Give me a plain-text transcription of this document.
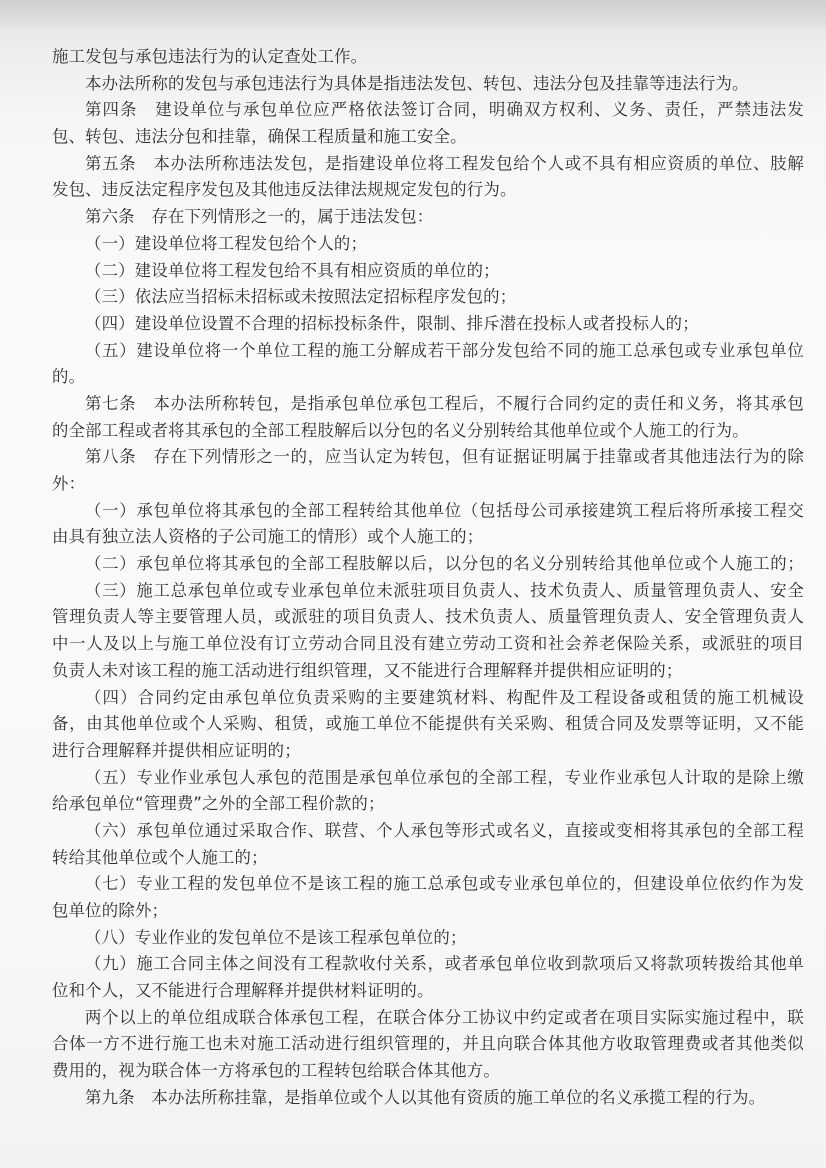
施工发包与承包违法行为的认定查处工作。
本办法所称的发包与承包违法行为具体是指违法发包、转包、违法分包及挂靠等违法行为。
第四条　建设单位与承包单位应严格依法签订合同，明确双方权利、义务、责任，严禁违法发
包、转包、违法分包和挂靠，确保工程质量和施工安全。
第五条　本办法所称违法发包，是指建设单位将工程发包给个人或不具有相应资质的单位、肢解
发包、违反法定程序发包及其他违反法律法规规定发包的行为。
第六条　存在下列情形之一的，属于违法发包：
（一）建设单位将工程发包给个人的；
（二）建设单位将工程发包给不具有相应资质的单位的；
（三）依法应当招标未招标或未按照法定招标程序发包的；
（四）建设单位设置不合理的招标投标条件，限制、排斥潜在投标人或者投标人的；
（五）建设单位将一个单位工程的施工分解成若干部分发包给不同的施工总承包或专业承包单位
的。
第七条　本办法所称转包，是指承包单位承包工程后，不履行合同约定的责任和义务，将其承包
的全部工程或者将其承包的全部工程肢解后以分包的名义分别转给其他单位或个人施工的行为。
第八条　存在下列情形之一的，应当认定为转包，但有证据证明属于挂靠或者其他违法行为的除
外：
（一）承包单位将其承包的全部工程转给其他单位（包括母公司承接建筑工程后将所承接工程交
由具有独立法人资格的子公司施工的情形）或个人施工的；
（二）承包单位将其承包的全部工程肢解以后，以分包的名义分别转给其他单位或个人施工的；
（三）施工总承包单位或专业承包单位未派驻项目负责人、技术负责人、质量管理负责人、安全
管理负责人等主要管理人员，或派驻的项目负责人、技术负责人、质量管理负责人、安全管理负责人
中一人及以上与施工单位没有订立劳动合同且没有建立劳动工资和社会养老保险关系，或派驻的项目
负责人未对该工程的施工活动进行组织管理，又不能进行合理解释并提供相应证明的；
（四）合同约定由承包单位负责采购的主要建筑材料、构配件及工程设备或租赁的施工机械设
备，由其他单位或个人采购、租赁，或施工单位不能提供有关采购、租赁合同及发票等证明，又不能
进行合理解释并提供相应证明的；
（五）专业作业承包人承包的范围是承包单位承包的全部工程，专业作业承包人计取的是除上缴
给承包单位“管理费”之外的全部工程价款的；
（六）承包单位通过采取合作、联营、个人承包等形式或名义，直接或变相将其承包的全部工程
转给其他单位或个人施工的；
（七）专业工程的发包单位不是该工程的施工总承包或专业承包单位的，但建设单位依约作为发
包单位的除外；
（八）专业作业的发包单位不是该工程承包单位的；
（九）施工合同主体之间没有工程款收付关系，或者承包单位收到款项后又将款项转拨给其他单
位和个人，又不能进行合理解释并提供材料证明的。
两个以上的单位组成联合体承包工程，在联合体分工协议中约定或者在项目实际实施过程中，联
合体一方不进行施工也未对施工活动进行组织管理的，并且向联合体其他方收取管理费或者其他类似
费用的，视为联合体一方将承包的工程转包给联合体其他方。
第九条　本办法所称挂靠，是指单位或个人以其他有资质的施工单位的名义承揽工程的行为。
